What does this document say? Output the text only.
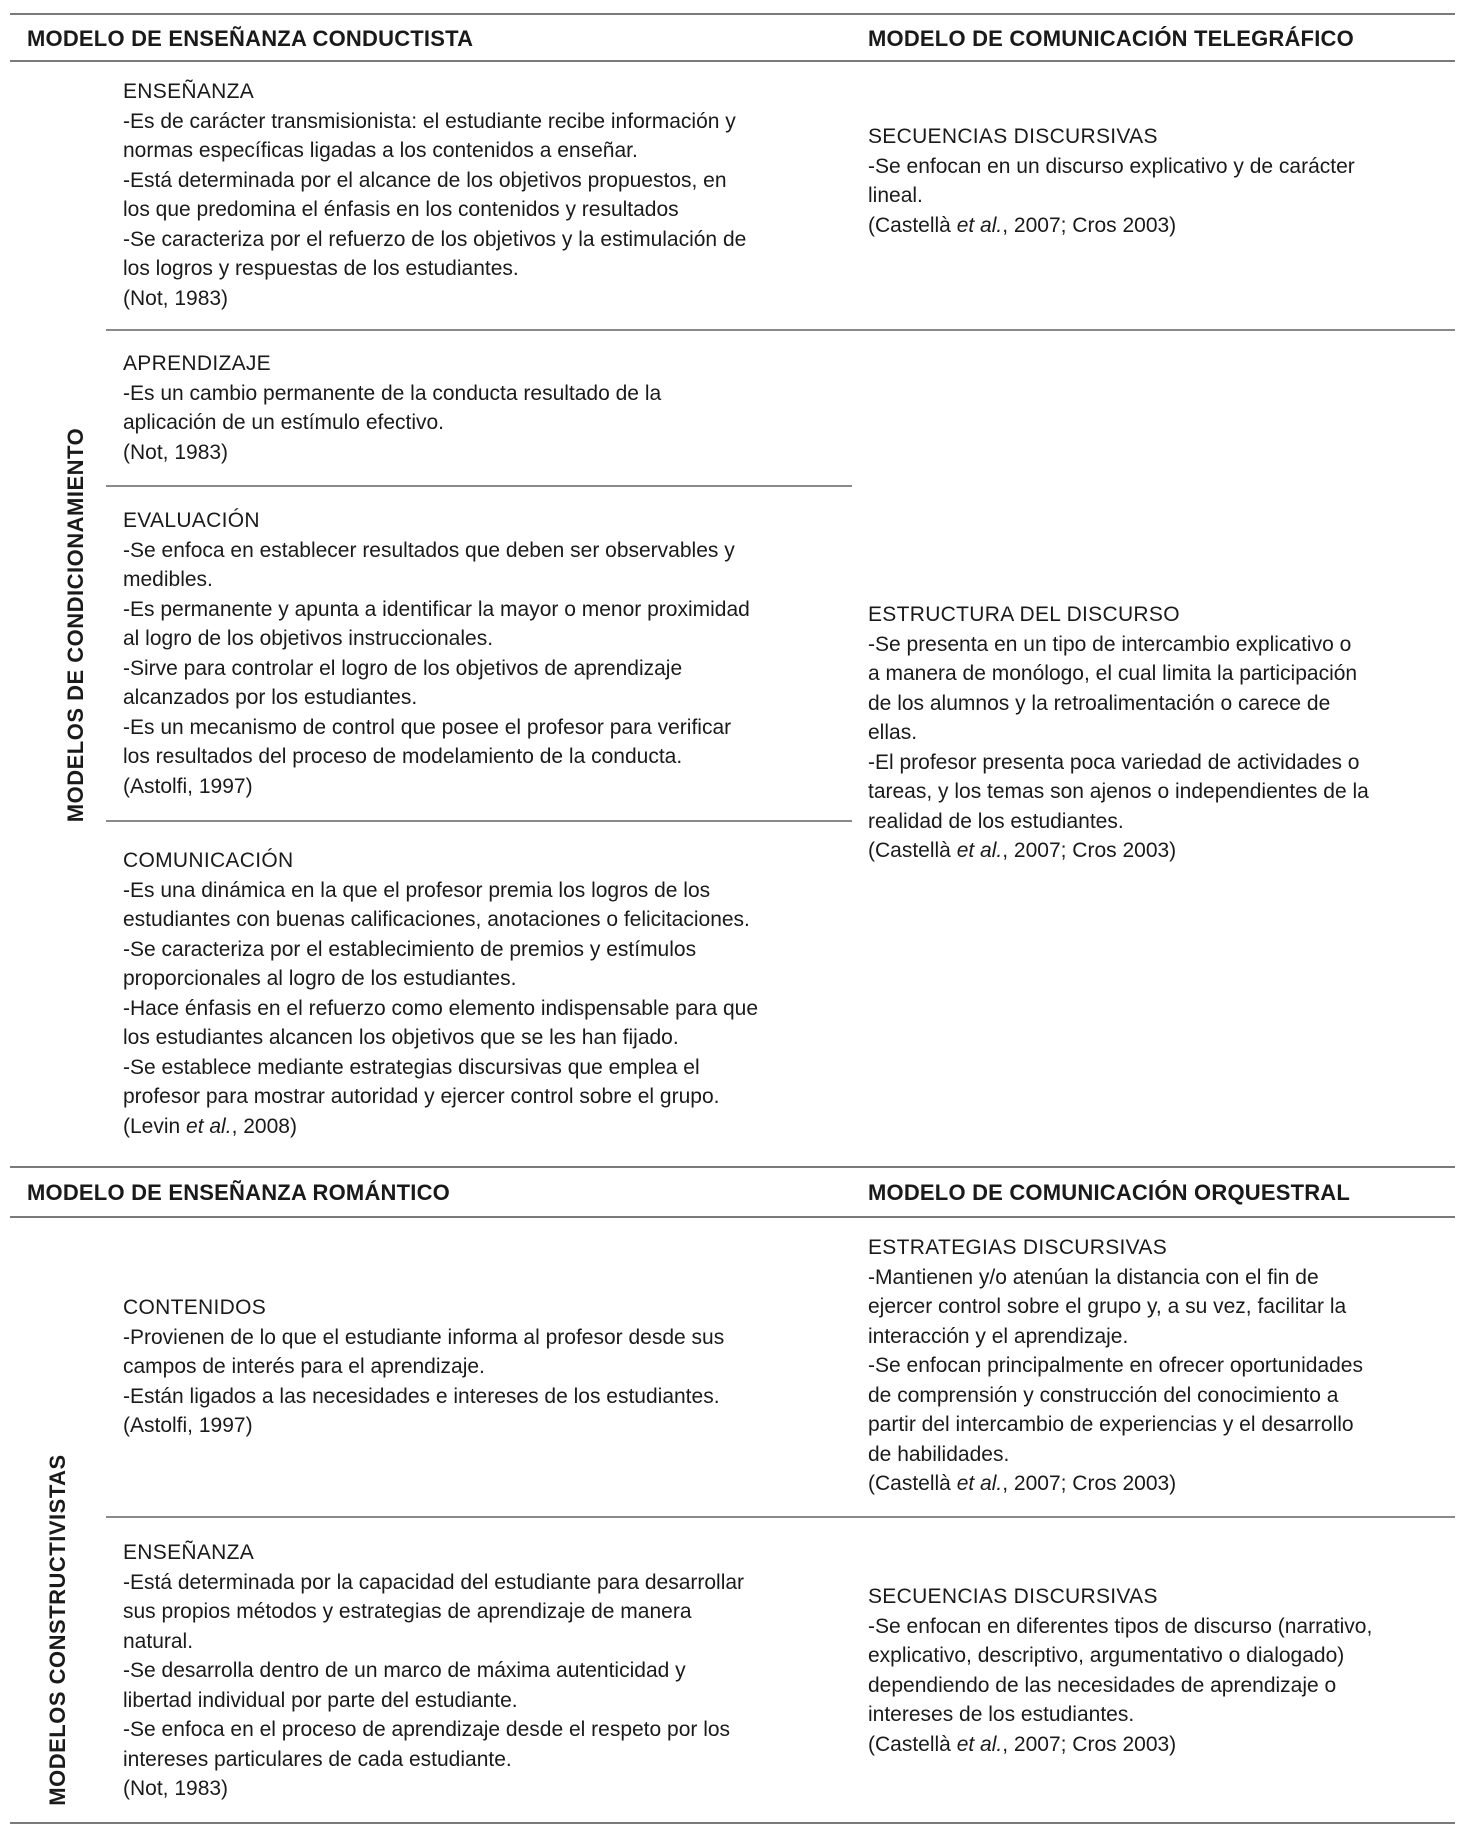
MODELO DE ENSEÑANZA CONDUCTISTA	MODELO DE COMUNICACIÓN TELEGRÁFICO
MODELOS DE CONDICIONAMIENTO
ENSEÑANZA
-Es de carácter transmisionista: el estudiante recibe información y
normas específicas ligadas a los contenidos a enseñar.
-Está determinada por el alcance de los objetivos propuestos, en
los que predomina el énfasis en los contenidos y resultados
-Se caracteriza por el refuerzo de los objetivos y la estimulación de
los logros y respuestas de los estudiantes.
(Not, 1983)
SECUENCIAS DISCURSIVAS
-Se enfocan en un discurso explicativo y de carácter
lineal.
(Castellà et al., 2007; Cros 2003)
APRENDIZAJE
-Es un cambio permanente de la conducta resultado de la
aplicación de un estímulo efectivo.
(Not, 1983)
EVALUACIÓN
-Se enfoca en establecer resultados que deben ser observables y
medibles.
-Es permanente y apunta a identificar la mayor o menor proximidad
al logro de los objetivos instruccionales.
-Sirve para controlar el logro de los objetivos de aprendizaje
alcanzados por los estudiantes.
-Es un mecanismo de control que posee el profesor para verificar
los resultados del proceso de modelamiento de la conducta.
(Astolfi, 1997)
ESTRUCTURA DEL DISCURSO
-Se presenta en un tipo de intercambio explicativo o
a manera de monólogo, el cual limita la participación
de los alumnos y la retroalimentación o carece de
ellas.
-El profesor presenta poca variedad de actividades o
tareas, y los temas son ajenos o independientes de la
realidad de los estudiantes.
(Castellà et al., 2007; Cros 2003)
COMUNICACIÓN
-Es una dinámica en la que el profesor premia los logros de los
estudiantes con buenas calificaciones, anotaciones o felicitaciones.
-Se caracteriza por el establecimiento de premios y estímulos
proporcionales al logro de los estudiantes.
-Hace énfasis en el refuerzo como elemento indispensable para que
los estudiantes alcancen los objetivos que se les han fijado.
-Se establece mediante estrategias discursivas que emplea el
profesor para mostrar autoridad y ejercer control sobre el grupo.
(Levin et al., 2008)
MODELO DE ENSEÑANZA ROMÁNTICO	MODELO DE COMUNICACIÓN ORQUESTRAL
MODELOS CONSTRUCTIVISTAS
ESTRATEGIAS DISCURSIVAS
-Mantienen y/o atenúan la distancia con el fin de
ejercer control sobre el grupo y, a su vez, facilitar la
interacción y el aprendizaje.
-Se enfocan principalmente en ofrecer oportunidades
de comprensión y construcción del conocimiento a
partir del intercambio de experiencias y el desarrollo
de habilidades.
(Castellà et al., 2007; Cros 2003)
CONTENIDOS
-Provienen de lo que el estudiante informa al profesor desde sus
campos de interés para el aprendizaje.
-Están ligados a las necesidades e intereses de los estudiantes.
(Astolfi, 1997)
ENSEÑANZA
-Está determinada por la capacidad del estudiante para desarrollar
sus propios métodos y estrategias de aprendizaje de manera
natural.
-Se desarrolla dentro de un marco de máxima autenticidad y
libertad individual por parte del estudiante.
-Se enfoca en el proceso de aprendizaje desde el respeto por los
intereses particulares de cada estudiante.
(Not, 1983)
SECUENCIAS DISCURSIVAS
-Se enfocan en diferentes tipos de discurso (narrativo,
explicativo, descriptivo, argumentativo o dialogado)
dependiendo de las necesidades de aprendizaje o
intereses de los estudiantes.
(Castellà et al., 2007; Cros 2003)
